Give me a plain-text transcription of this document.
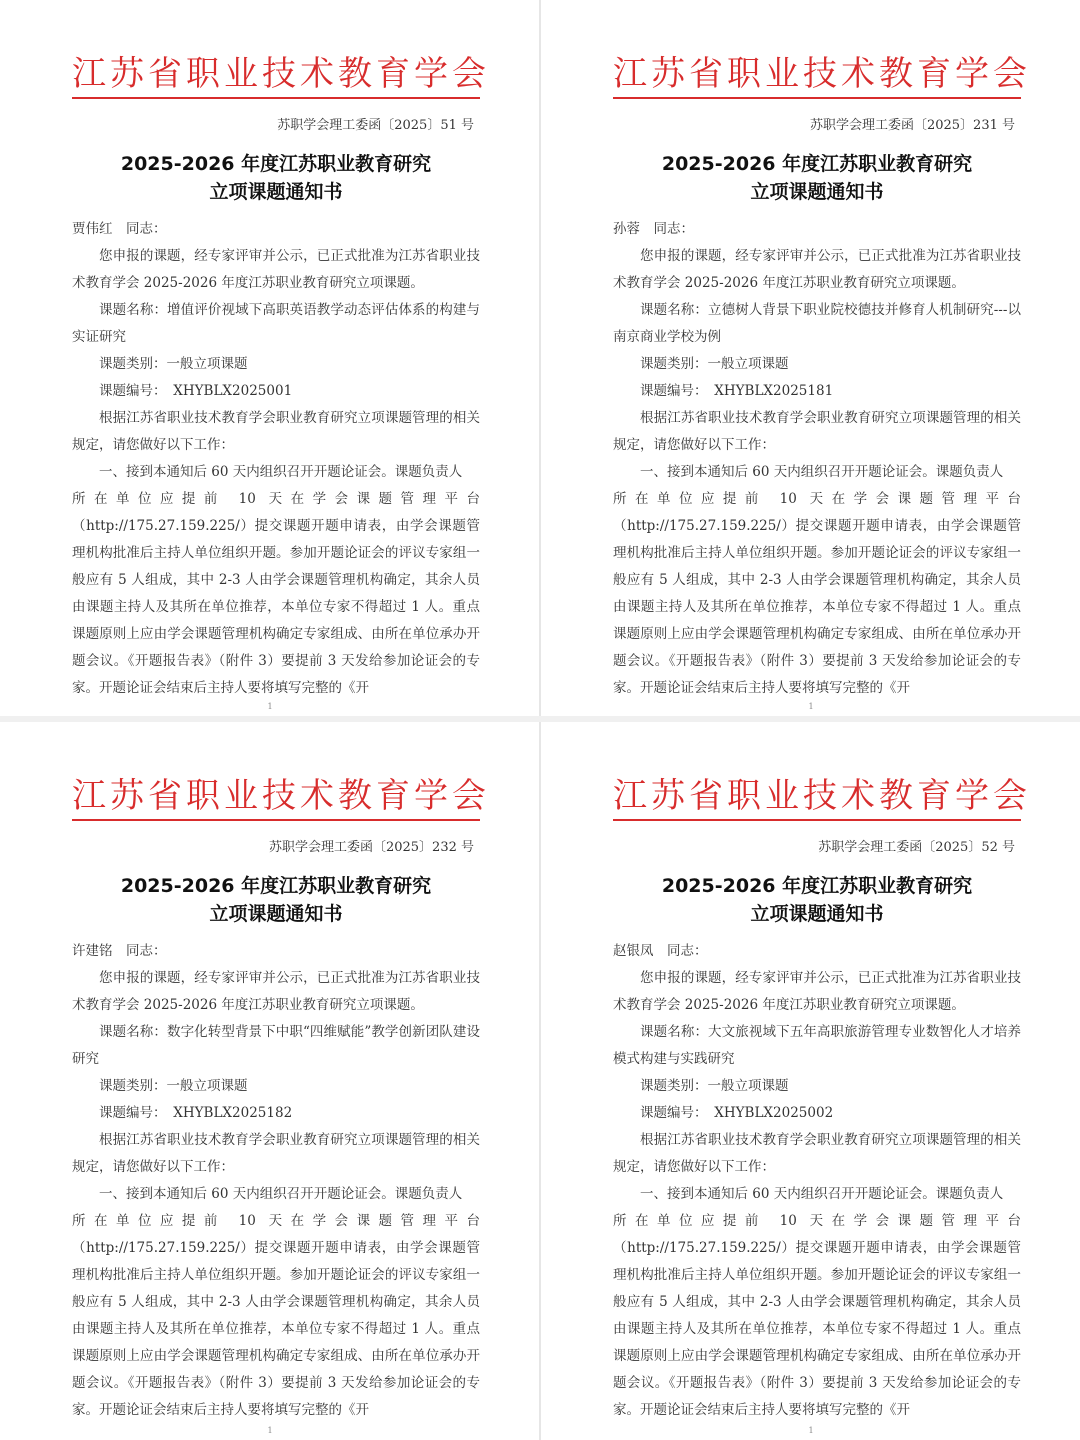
江苏省职业技术教育学会
苏职学会理工委函〔2025〕51 号
2025-2026 年度江苏职业教育研究
立项课题通知书

贾伟红　同志：

您申报的课题，经专家评审并公示，已正式批准为江苏省职业技术教育学会 2025-2026 年度江苏职业教育研究立项课题。

课题名称：增值评价视域下高职英语教学动态评估体系的构建与实证研究

课题类别：一般立项课题

课题编号：　XHYBLX2025001

根据江苏省职业技术教育学会职业教育研究立项课题管理的相关规定，请您做好以下工作：

一、接到本通知后 60 天内组织召开开题论证会。课题负责人

所在单位应提前 10 天在学会课题管理平台

（http://175.27.159.225/）提交课题开题申请表，由学会课题管理机构批准后主持人单位组织开题。参加开题论证会的评议专家组一般应有 5 人组成，其中 2-3 人由学会课题管理机构确定，其余人员由课题主持人及其所在单位推荐，本单位专家不得超过 1 人。重点课题原则上应由学会课题管理机构确定专家组成、由所在单位承办开题会议。《开题报告表》（附件 3）要提前 3 天发给参加论证会的专家。开题论证会结束后主持人要将填写完整的《开

1
江苏省职业技术教育学会
苏职学会理工委函〔2025〕231 号
2025-2026 年度江苏职业教育研究
立项课题通知书

孙蓉　同志：

您申报的课题，经专家评审并公示，已正式批准为江苏省职业技术教育学会 2025-2026 年度江苏职业教育研究立项课题。

课题名称：立德树人背景下职业院校德技并修育人机制研究---以南京商业学校为例

课题类别：一般立项课题

课题编号：　XHYBLX2025181

根据江苏省职业技术教育学会职业教育研究立项课题管理的相关规定，请您做好以下工作：

一、接到本通知后 60 天内组织召开开题论证会。课题负责人

所在单位应提前 10 天在学会课题管理平台

（http://175.27.159.225/）提交课题开题申请表，由学会课题管理机构批准后主持人单位组织开题。参加开题论证会的评议专家组一般应有 5 人组成，其中 2-3 人由学会课题管理机构确定，其余人员由课题主持人及其所在单位推荐，本单位专家不得超过 1 人。重点课题原则上应由学会课题管理机构确定专家组成、由所在单位承办开题会议。《开题报告表》（附件 3）要提前 3 天发给参加论证会的专家。开题论证会结束后主持人要将填写完整的《开

1
江苏省职业技术教育学会
苏职学会理工委函〔2025〕232 号
2025-2026 年度江苏职业教育研究
立项课题通知书

许建铭　同志：

您申报的课题，经专家评审并公示，已正式批准为江苏省职业技术教育学会 2025-2026 年度江苏职业教育研究立项课题。

课题名称：数字化转型背景下中职“四维赋能”教学创新团队建设研究

课题类别：一般立项课题

课题编号：　XHYBLX2025182

根据江苏省职业技术教育学会职业教育研究立项课题管理的相关规定，请您做好以下工作：

一、接到本通知后 60 天内组织召开开题论证会。课题负责人

所在单位应提前 10 天在学会课题管理平台

（http://175.27.159.225/）提交课题开题申请表，由学会课题管理机构批准后主持人单位组织开题。参加开题论证会的评议专家组一般应有 5 人组成，其中 2-3 人由学会课题管理机构确定，其余人员由课题主持人及其所在单位推荐，本单位专家不得超过 1 人。重点课题原则上应由学会课题管理机构确定专家组成、由所在单位承办开题会议。《开题报告表》（附件 3）要提前 3 天发给参加论证会的专家。开题论证会结束后主持人要将填写完整的《开

1
江苏省职业技术教育学会
苏职学会理工委函〔2025〕52 号
2025-2026 年度江苏职业教育研究
立项课题通知书

赵银凤　同志：

您申报的课题，经专家评审并公示，已正式批准为江苏省职业技术教育学会 2025-2026 年度江苏职业教育研究立项课题。

课题名称：大文旅视域下五年高职旅游管理专业数智化人才培养模式构建与实践研究

课题类别：一般立项课题

课题编号：　XHYBLX2025002

根据江苏省职业技术教育学会职业教育研究立项课题管理的相关规定，请您做好以下工作：

一、接到本通知后 60 天内组织召开开题论证会。课题负责人

所在单位应提前 10 天在学会课题管理平台

（http://175.27.159.225/）提交课题开题申请表，由学会课题管理机构批准后主持人单位组织开题。参加开题论证会的评议专家组一般应有 5 人组成，其中 2-3 人由学会课题管理机构确定，其余人员由课题主持人及其所在单位推荐，本单位专家不得超过 1 人。重点课题原则上应由学会课题管理机构确定专家组成、由所在单位承办开题会议。《开题报告表》（附件 3）要提前 3 天发给参加论证会的专家。开题论证会结束后主持人要将填写完整的《开

1
